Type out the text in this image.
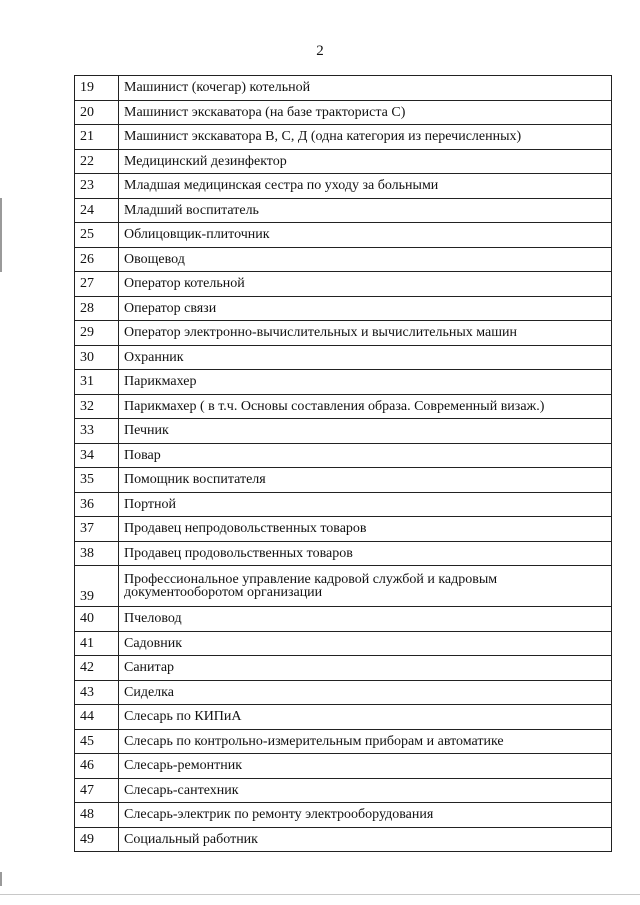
2
19	Машинист (кочегар) котельной
20	Машинист экскаватора (на базе тракториста С)
21	Машинист экскаватора В, С, Д (одна категория из перечисленных)
22	Медицинский дезинфектор
23	Младшая медицинская сестра по уходу за больными
24	Младший воспитатель
25	Облицовщик-плиточник
26	Овощевод
27	Оператор котельной
28	Оператор связи
29	Оператор электронно-вычислительных и вычислительных машин
30	Охранник
31	Парикмахер
32	Парикмахер ( в т.ч. Основы составления образа. Современный визаж.)
33	Печник
34	Повар
35	Помощник воспитателя
36	Портной
37	Продавец непродовольственных товаров
38	Продавец продовольственных товаров
39	Профессиональное управление кадровой службой и кадровым документооборотом организации
40	Пчеловод
41	Садовник
42	Санитар
43	Сиделка
44	Слесарь по КИПиА
45	Слесарь по контрольно-измерительным приборам и автоматике
46	Слесарь-ремонтник
47	Слесарь-сантехник
48	Слесарь-электрик по ремонту электрооборудования
49	Социальный работник
